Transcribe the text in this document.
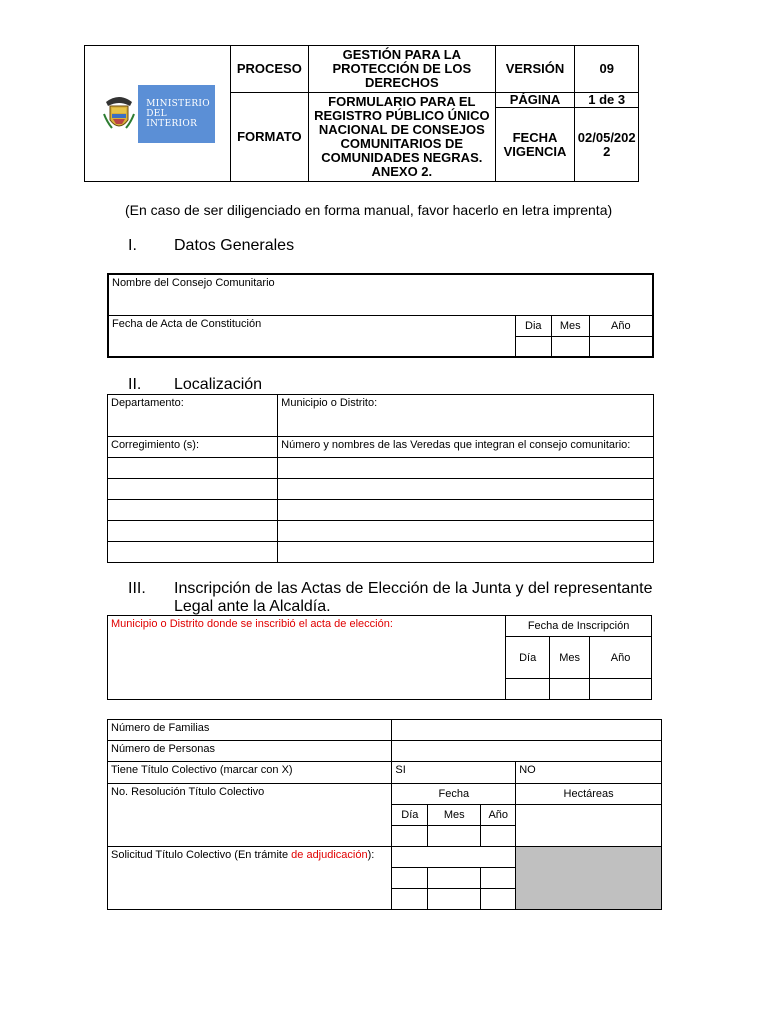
MINISTERIO
DEL INTERIOR	PROCESO	GESTIÓN PARA LA PROTECCIÓN DE LOS DERECHOS	VERSIÓN	09
	FORMATO	FORMULARIO PARA EL REGISTRO PÚBLICO ÚNICO NACIONAL DE CONSEJOS COMUNITARIOS DE COMUNIDADES NEGRAS. ANEXO 2.	PÁGINA	1 de 3
			FECHA VIGENCIA	02/05/2022
(En caso de ser diligenciado en forma manual, favor hacerlo en letra imprenta)
I. Datos Generales
Nombre del Consejo Comunitario			
Fecha de Acta de Constitución	Dia	Mes	Año

II. Localización
Departamento:	Municipio o Distrito:
Corregimiento (s):	Número y nombres de las Veredas que integran el consejo comunitario:

III. Inscripción de las Actas de Elección de la Junta y del representante
Legal ante la Alcaldía.
Municipio o Distrito donde se inscribió el acta de elección:	Fecha de Inscripción		
	Día	Mes	Año

Número de Familias				
Número de Personas				
Tiene Título Colectivo (marcar con X)	SI			NO
No. Resolución Título Colectivo	Fecha			Hectáreas
	Día	Mes	Año	

Solicitud Título Colectivo (En trámite de adjudicación):				
